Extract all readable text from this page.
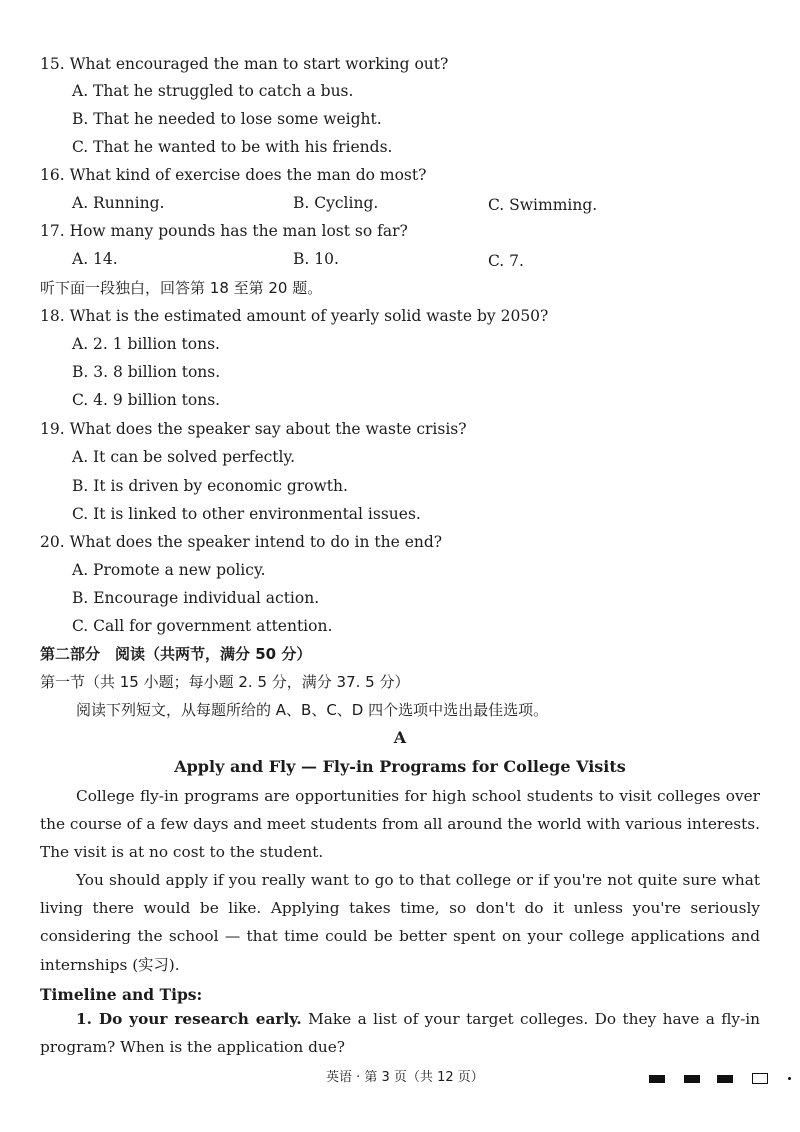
15. What encouraged the man to start working out?
A. That he struggled to catch a bus.
B. That he needed to lose some weight.
C. That he wanted to be with his friends.
16. What kind of exercise does the man do most?
A. Running.	B. Cycling.	C. Swimming.
17. How many pounds has the man lost so far?
A. 14.	B. 10.	C. 7.
听下面一段独白，回答第 18 至第 20 题。
18. What is the estimated amount of yearly solid waste by 2050?
A. 2. 1 billion tons.
B. 3. 8 billion tons.
C. 4. 9 billion tons.
19. What does the speaker say about the waste crisis?
A. It can be solved perfectly.
B. It is driven by economic growth.
C. It is linked to other environmental issues.
20. What does the speaker intend to do in the end?
A. Promote a new policy.
B. Encourage individual action.
C. Call for government attention.
第二部分　阅读（共两节，满分 50 分）
第一节（共 15 小题；每小题 2. 5 分，满分 37. 5 分）
阅读下列短文，从每题所给的 A、B、C、D 四个选项中选出最佳选项。
A
Apply and Fly — Fly-in Programs for College Visits
College fly-in programs are opportunities for high school students to visit colleges over the course of a few days and meet students from all around the world with various interests. The visit is at no cost to the student.
You should apply if you really want to go to that college or if you're not quite sure what living there would be like. Applying takes time, so don't do it unless you're seriously considering the school — that time could be better spent on your college applications and internships (实习).
Timeline and Tips:
1. Do your research early. Make a list of your target colleges. Do they have a fly-in program? When is the application due?
英语 · 第 3 页（共 12 页）
